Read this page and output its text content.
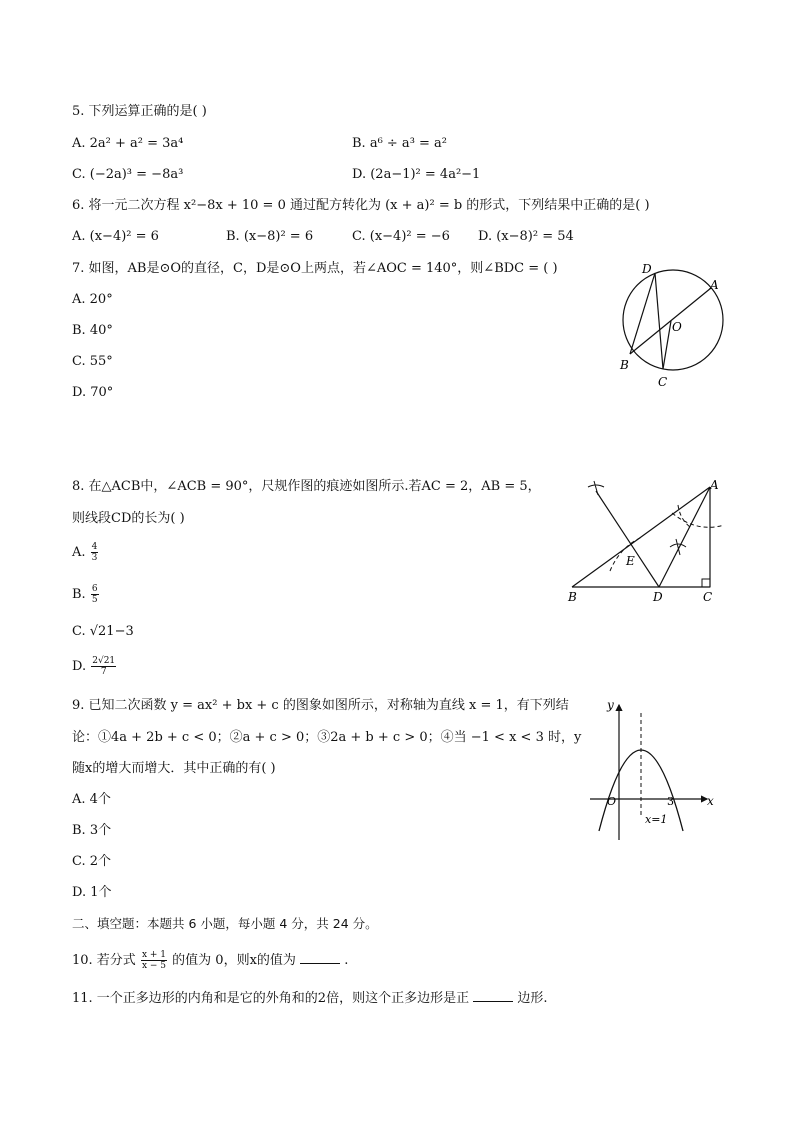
5. 下列运算正确的是( )
A. 2a² + a² = 3a⁴	B. a⁶ ÷ a³ = a²
C. (−2a)³ = −8a³	D. (2a−1)² = 4a²−1
6. 将一元二次方程 x²−8x + 10 = 0 通过配方转化为 (x + a)² = b 的形式，下列结果中正确的是( )
A. (x−4)² = 6	B. (x−8)² = 6	C. (x−4)² = −6 D. (x−8)² = 54
7. 如图，AB是⊙O的直径，C，D是⊙O上两点，若∠AOC = 140°，则∠BDC = ( )
A. 20°
B. 40°
C. 55°
D. 70°
D
A
O
B
C
8. 在△ACB中，∠ACB = 90°，尺规作图的痕迹如图所示.若AC = 2，AB = 5，
则线段CD的长为( )
A. $\frac{4}{3}$
B. $\frac{6}{5}$
C. √21−3
D. $\frac{2√21}{7}$
A
E
B	D	C
9. 已知二次函数 y = ax² + bx + c 的图象如图所示，对称轴为直线 x = 1，有下列结
论：①4a + 2b + c < 0；②a + c > 0；③2a + b + c > 0；④当 −1 < x < 3 时，y
随x的增大而增大．其中正确的有( )
A. 4个
B. 3个
C. 2个
D. 1个
y
x
O	3
x=1
二、填空题：本题共 6 小题，每小题 4 分，共 24 分。
10. 若分式 $\frac{x + 1}{x - 5}$ 的值为 0，则x的值为	.
11. 一个正多边形的内角和是它的外角和的2倍，则这个正多边形是正	边形.
